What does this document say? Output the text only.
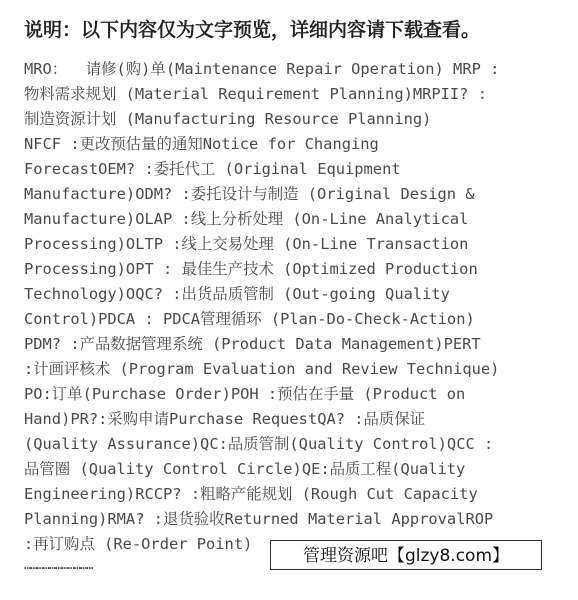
说明：以下内容仅为文字预览，详细内容请下载查看。

MRO：  请修(购)单(Maintenance Repair Operation) MRP :
物料需求规划 (Material Requirement Planning)MRPII? :
制造资源计划 (Manufacturing Resource Planning)
NFCF :更改预估量的通知Notice for Changing
ForecastOEM? :委托代工 (Original Equipment
Manufacture)ODM? :委托设计与制造 (Original Design &
Manufacture)OLAP :线上分析处理 (On-Line Analytical
Processing)OLTP :线上交易处理 (On-Line Transaction
Processing)OPT : 最佳生产技术 (Optimized Production
Technology)OQC? :出货品质管制 (Out-going Quality
Control)PDCA : PDCA管理循环 (Plan-Do-Check-Action)
PDM? :产品数据管理系统 (Product Data Management)PERT
:计画评核术 (Program Evaluation and Review Technique)
PO:订单(Purchase Order)POH :预估在手量 (Product on
Hand)PR?:采购申请Purchase RequestQA? :品质保证
(Quality Assurance)QC:品质管制(Quality Control)QCC :
品管圈 (Quality Control Circle)QE:品质工程(Quality
Engineering)RCCP? :粗略产能规划 (Rough Cut Capacity
Planning)RMA? :退货验收Returned Material ApprovalROP
:再订购点 (Re-Order Point)
……………………………	管理资源吧【glzy8.com】
